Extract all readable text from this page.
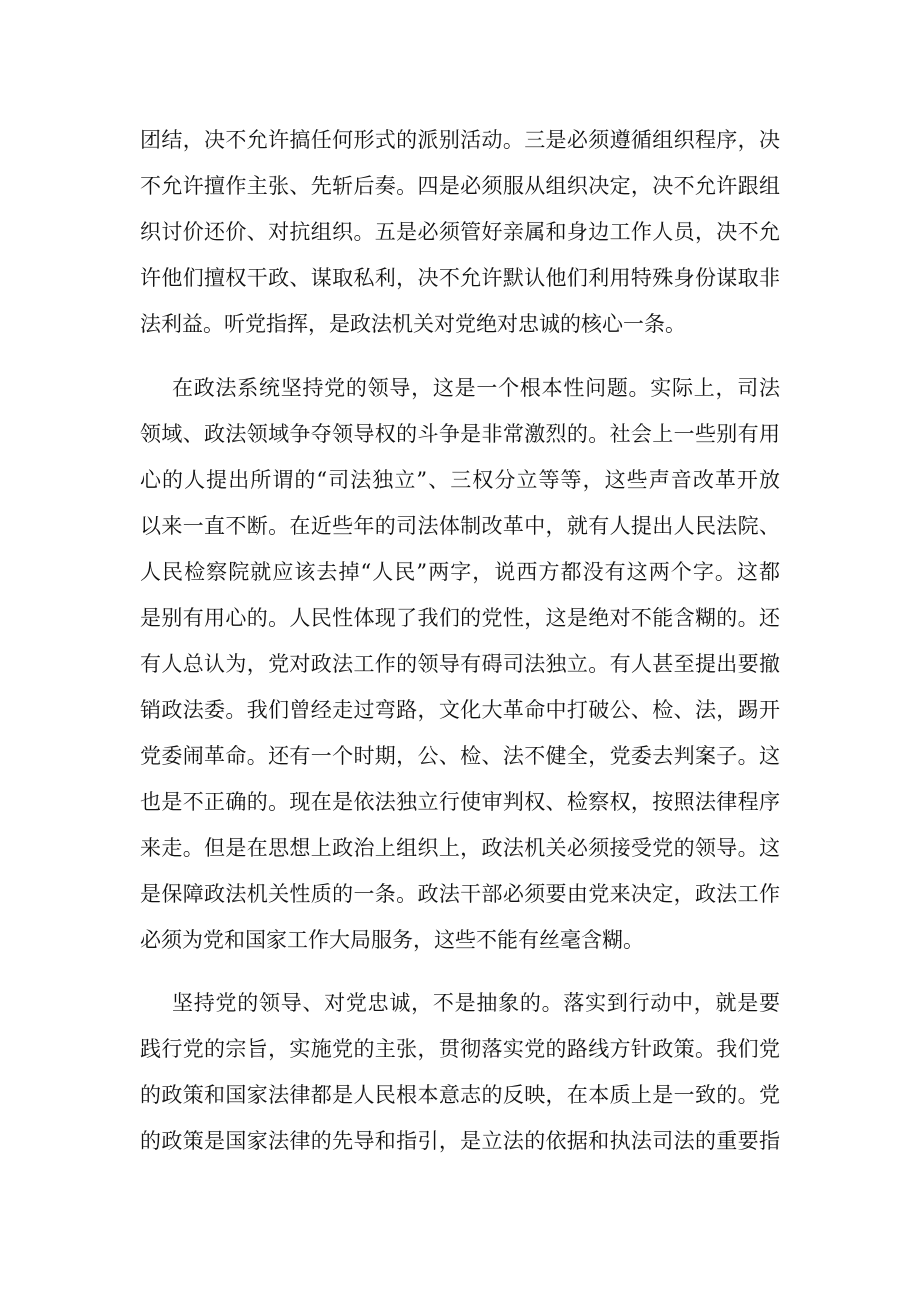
团结，决不允许搞任何形式的派别活动。三是必须遵循组织程序，决
不允许擅作主张、先斩后奏。四是必须服从组织决定，决不允许跟组
织讨价还价、对抗组织。五是必须管好亲属和身边工作人员，决不允
许他们擅权干政、谋取私利，决不允许默认他们利用特殊身份谋取非
法利益。听党指挥，是政法机关对党绝对忠诚的核心一条。
在政法系统坚持党的领导，这是一个根本性问题。实际上，司法
领域、政法领域争夺领导权的斗争是非常激烈的。社会上一些别有用
心的人提出所谓的“司法独立”、三权分立等等，这些声音改革开放
以来一直不断。在近些年的司法体制改革中，就有人提出人民法院、
人民检察院就应该去掉“人民”两字，说西方都没有这两个字。这都
是别有用心的。人民性体现了我们的党性，这是绝对不能含糊的。还
有人总认为，党对政法工作的领导有碍司法独立。有人甚至提出要撤
销政法委。我们曾经走过弯路，文化大革命中打破公、检、法，踢开
党委闹革命。还有一个时期，公、检、法不健全，党委去判案子。这
也是不正确的。现在是依法独立行使审判权、检察权，按照法律程序
来走。但是在思想上政治上组织上，政法机关必须接受党的领导。这
是保障政法机关性质的一条。政法干部必须要由党来决定，政法工作
必须为党和国家工作大局服务，这些不能有丝毫含糊。
坚持党的领导、对党忠诚，不是抽象的。落实到行动中，就是要
践行党的宗旨，实施党的主张，贯彻落实党的路线方针政策。我们党
的政策和国家法律都是人民根本意志的反映，在本质上是一致的。党
的政策是国家法律的先导和指引，是立法的依据和执法司法的重要指
